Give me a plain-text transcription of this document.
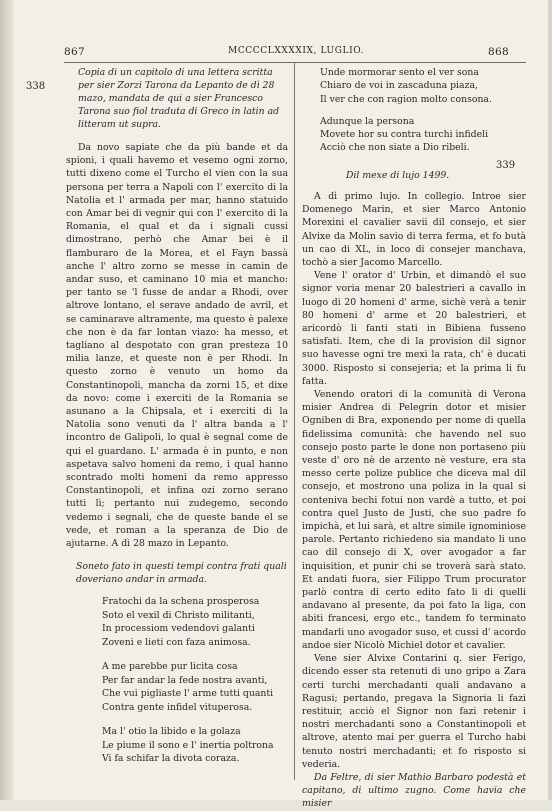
867	MCCCCLXXXXIX, LUGLIO.	868
338
339

Copia di un capitolo di una lettera scritta per sier Zorzi Tarona da Lepanto de dì 28 mazo, mandata de qui a sier Francesco Tarona suo fiol traduta di Greco in latin ad litteram ut supra.

Da novo sapiate che da più bande et da spioni, i quali havemo et vesemo ogni zorno, tutti dixeno come el Turcho el vien con la sua persona per terra a Napoli con l' exercito di la Natolia et l' armada per mar, hanno statuido con Amar bei di vegnir qui con l' exercito di la Romania, el qual et da i signali cussi dimostrano, perhò che Amar bei è il flamburaro de la Morea, et el Fayn bassà anche l' altro zorno se messe in camin de andar suso, et caminano 10 mia et mancho: per tanto se 'l fusse de andar a Rhodi, over altrove lontano, el serave andado de avril, et se caminarave altramente, ma questo è palexe che non è da far lontan viazo: ha messo, et tagliano al despotato con gran presteza 10 milia lanze, et queste non è per Rhodi. In questo zorno è venuto un homo da Constantinopoli, mancha da zorni 15, et dixe da novo: come i exerciti de la Romania se asunano a la Chipsala, et i exerciti di la Natolia sono venuti da l' altra banda a l' incontro de Galipoli, lo qual è segnal come de qui el guardano. L' armada è in punto, e non aspetava salvo homeni da remo, i qual hanno scontrado molti homeni da remo appresso Constantinopoli, et infina ozi zorno serano tutti lì; pertanto nui zudegemo, secondo vedemo i segnali, che de queste bande el se vede, et roman a la speranza de Dio de ajutarne. A dì 28 mazo in Lepanto.

Soneto fato in questi tempi contra frati quali doveriano andar in armada.

Fratochi da la schena prosperosa
Soto el vexil di Christo militanti,
In processiom vedendovi galanti
Zoveni e lieti con faza animosa.
A me parebbe pur licita cosa
Per far andar la fede nostra avanti,
Che vui pigliaste l' arme tutti quanti
Contra gente infidel vituperosa.
Ma l' otio la libido e la golaza
Le piume il sono e l' inertia poltrona
Vi fa schifar la divota coraza.
Unde mormorar sento el ver sona
Chiaro de voi in zascaduna piaza,
Il ver che con ragion molto consona.
Adunque la persona
Movete hor su contra turchi infideli
Acciò che non siate a Dio ribeli.

Dil mexe di lujo 1499.

A dì primo lujo. In collegio. Introe sier Domenego Marin, et sier Marco Antonio Morexini el cavalier savii dil consejo, et sier Alvixe da Molin savio di terra ferma, et fo butà un cao di XL, in loco di consejer manchava, tochò a sier Jacomo Marcello.

Vene l' orator d' Urbin, et dimandò el suo signor voria menar 20 balestrieri a cavallo in luogo di 20 homeni d' arme, sichè verà a tenir 80 homeni d' arme et 20 balestrieri, et aricordò li fanti stati in Bibiena fusseno satisfati. Item, che di la provision dil signor suo havesse ogni tre mexi la rata, ch' è ducati 3000. Risposto si consejeria; et la prima li fu fatta.

Venendo oratori di la comunità di Verona misier Andrea di Pelegrin dotor et misier Ogniben di Bra, exponendo per nome di quella fidelissima comunità: che havendo nel suo consejo posto parte le done non portaseno più veste d' oro nè de arzento nè vesture, era sta messo certe polize publice che diceva mal dil consejo, et mostrono una poliza in la qual si conteniva bechi fotui non vardè a tutto, et poi contra quel Justo de Justi, che suo padre fo impichà, et lui sarà, et altre simile ignominiose parole. Pertanto richiedeno sia mandato li uno cao dil consejo di X, over avogador a far inquisition, et punir chi se troverà sarà stato. Et andati fuora, sier Filippo Trum procurator parlò contra di certo edito fato li di quelli andavano al presente, da poi fato la liga, con abiti francesi, ergo etc., tandem fo terminato mandarli uno avogador suso, et cussi d' acordo andoe sier Nicolò Michiel dotor et cavalier.

Vene sier Alvixe Contarini q. sier Ferigo, dicendo esser sta retenuti di uno gripo a Zara certi turchi merchadanti quali andavano a Ragusi; pertando, pregava la Signoria li fazi restituir, acciò el Signor non fazi retenir i nostri merchadanti sono a Constantinopoli et altrove, atento mai per guerra el Turcho habi tenuto nostri merchadanti; et fo risposto si vederia.

Da Feltre, di sier Mathio Barbaro podestà et capitano, di ultimo zugno. Come havia che misier
